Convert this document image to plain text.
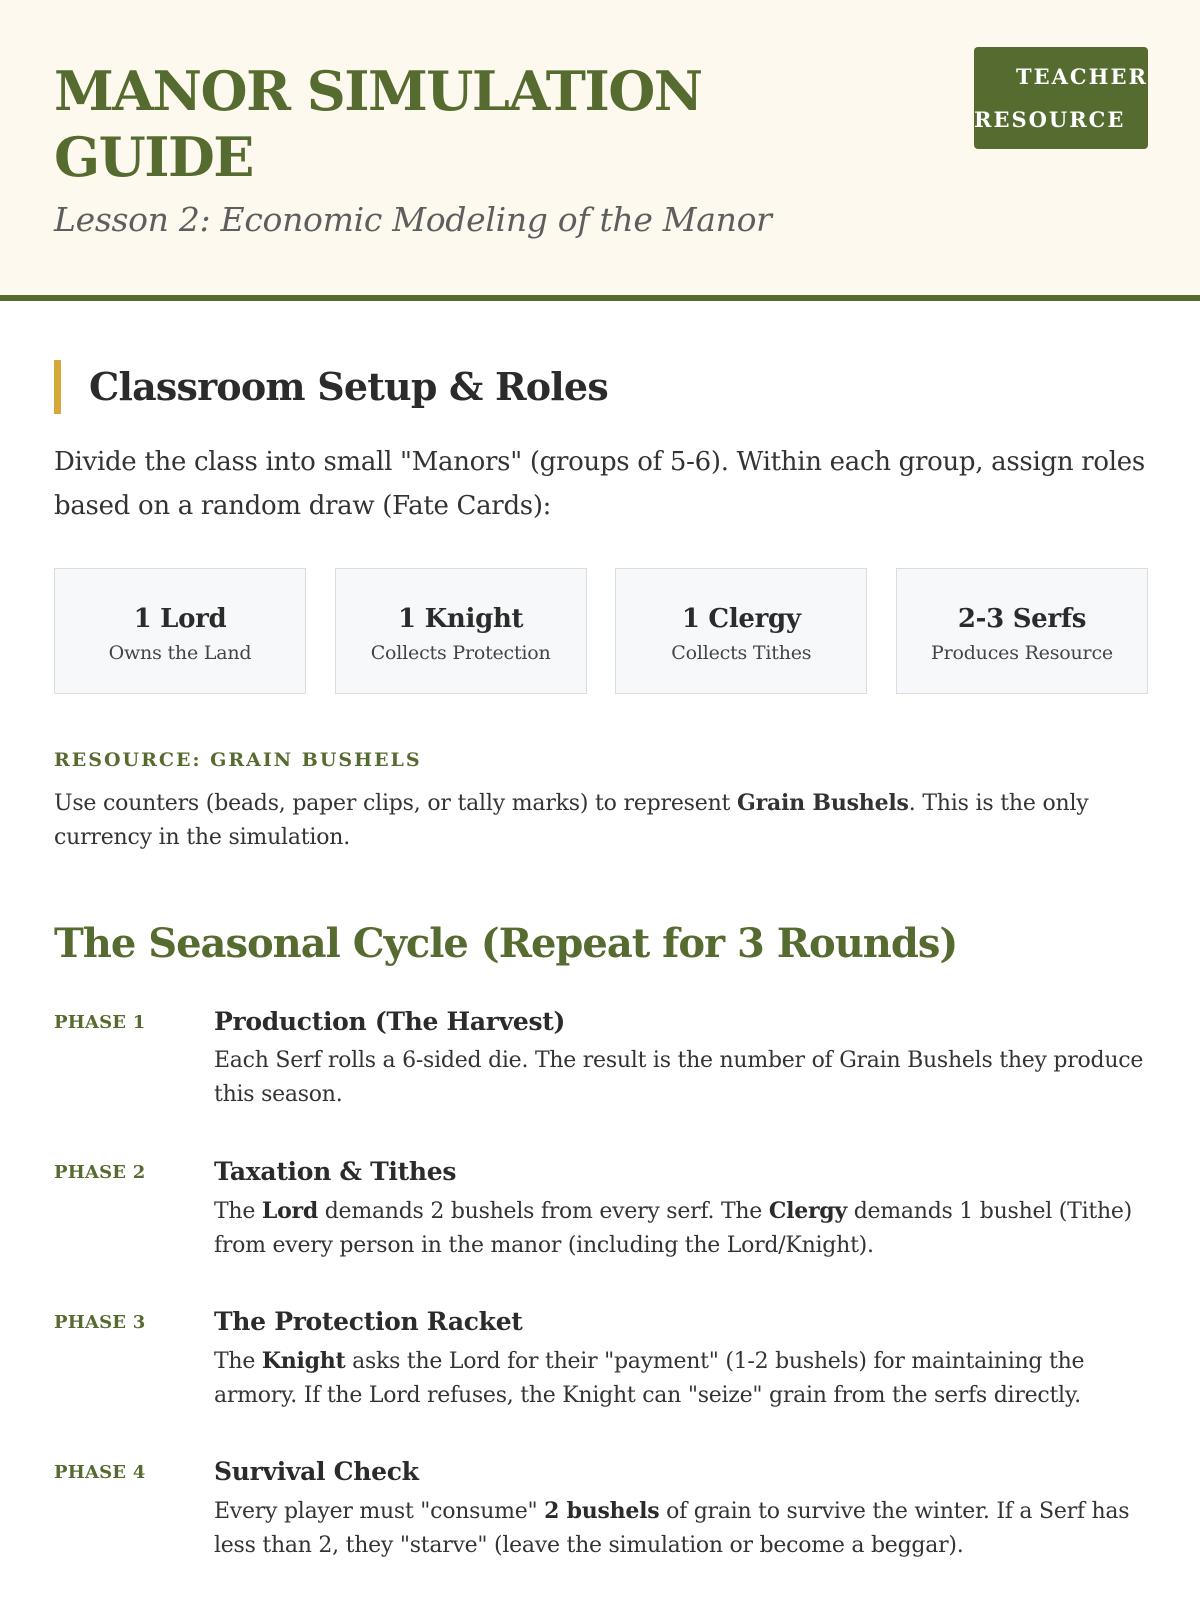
MANOR SIMULATION GUIDE

Lesson 2: Economic Modeling of the Manor

TEACHER
RESOURCE
Classroom Setup & Roles

Divide the class into small "Manors" (groups of 5-6). Within each group, assign roles based on a random draw (Fate Cards):

1 Lord
Owns the Land
1 Knight
Collects Protection
1 Clergy
Collects Tithes
2-3 Serfs
Produces Resource
RESOURCE: GRAIN BUSHELS

Use counters (beads, paper clips, or tally marks) to represent Grain Bushels. This is the only currency in the simulation.

The Seasonal Cycle (Repeat for 3 Rounds)
PHASE 1	Production (The Harvest)

Each Serf rolls a 6-sided die. The result is the number of Grain Bushels they produce this season.

PHASE 2	Taxation & Tithes

The Lord demands 2 bushels from every serf. The Clergy demands 1 bushel (Tithe) from every person in the manor (including the Lord/Knight).

PHASE 3	The Protection Racket

The Knight asks the Lord for their "payment" (1-2 bushels) for maintaining the armory. If the Lord refuses, the Knight can "seize" grain from the serfs directly.

PHASE 4	Survival Check

Every player must "consume" 2 bushels of grain to survive the winter. If a Serf has less than 2, they "starve" (leave the simulation or become a beggar).
